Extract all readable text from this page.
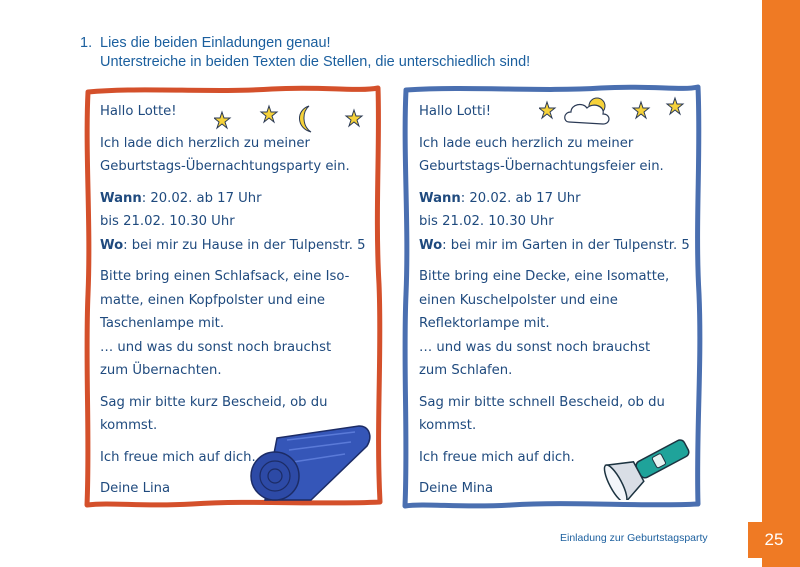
1. Lies die beiden Einladungen genau!
Unterstreiche in beiden Texten die Stellen, die unterschiedlich sind!

Hallo Lotte!

Ich lade dich herzlich zu meiner

Geburtstags-Übernachtungsparty ein.

Wann: 20.02. ab 17 Uhr

bis 21.02. 10.30 Uhr

Wo: bei mir zu Hause in der Tulpenstr. 5

Bitte bring einen Schlafsack, eine Iso-

matte, einen Kopfpolster und eine

Taschenlampe mit.

… und was du sonst noch brauchst

zum Übernachten.

Sag mir bitte kurz Bescheid, ob du

kommst.

Ich freue mich auf dich.

Deine Lina

Hallo Lotti!

Ich lade euch herzlich zu meiner

Geburtstags-Übernachtungsfeier ein.

Wann: 20.02. ab 17 Uhr

bis 21.02. 10.30 Uhr

Wo: bei mir im Garten in der Tulpenstr. 5

Bitte bring eine Decke, eine Isomatte,

einen Kuschelpolster und eine

Reflektorlampe mit.

… und was du sonst noch brauchst

zum Schlafen.

Sag mir bitte schnell Bescheid, ob du

kommst.

Ich freue mich auf dich.

Deine Mina

Einladung zur Geburtstagsparty	25
